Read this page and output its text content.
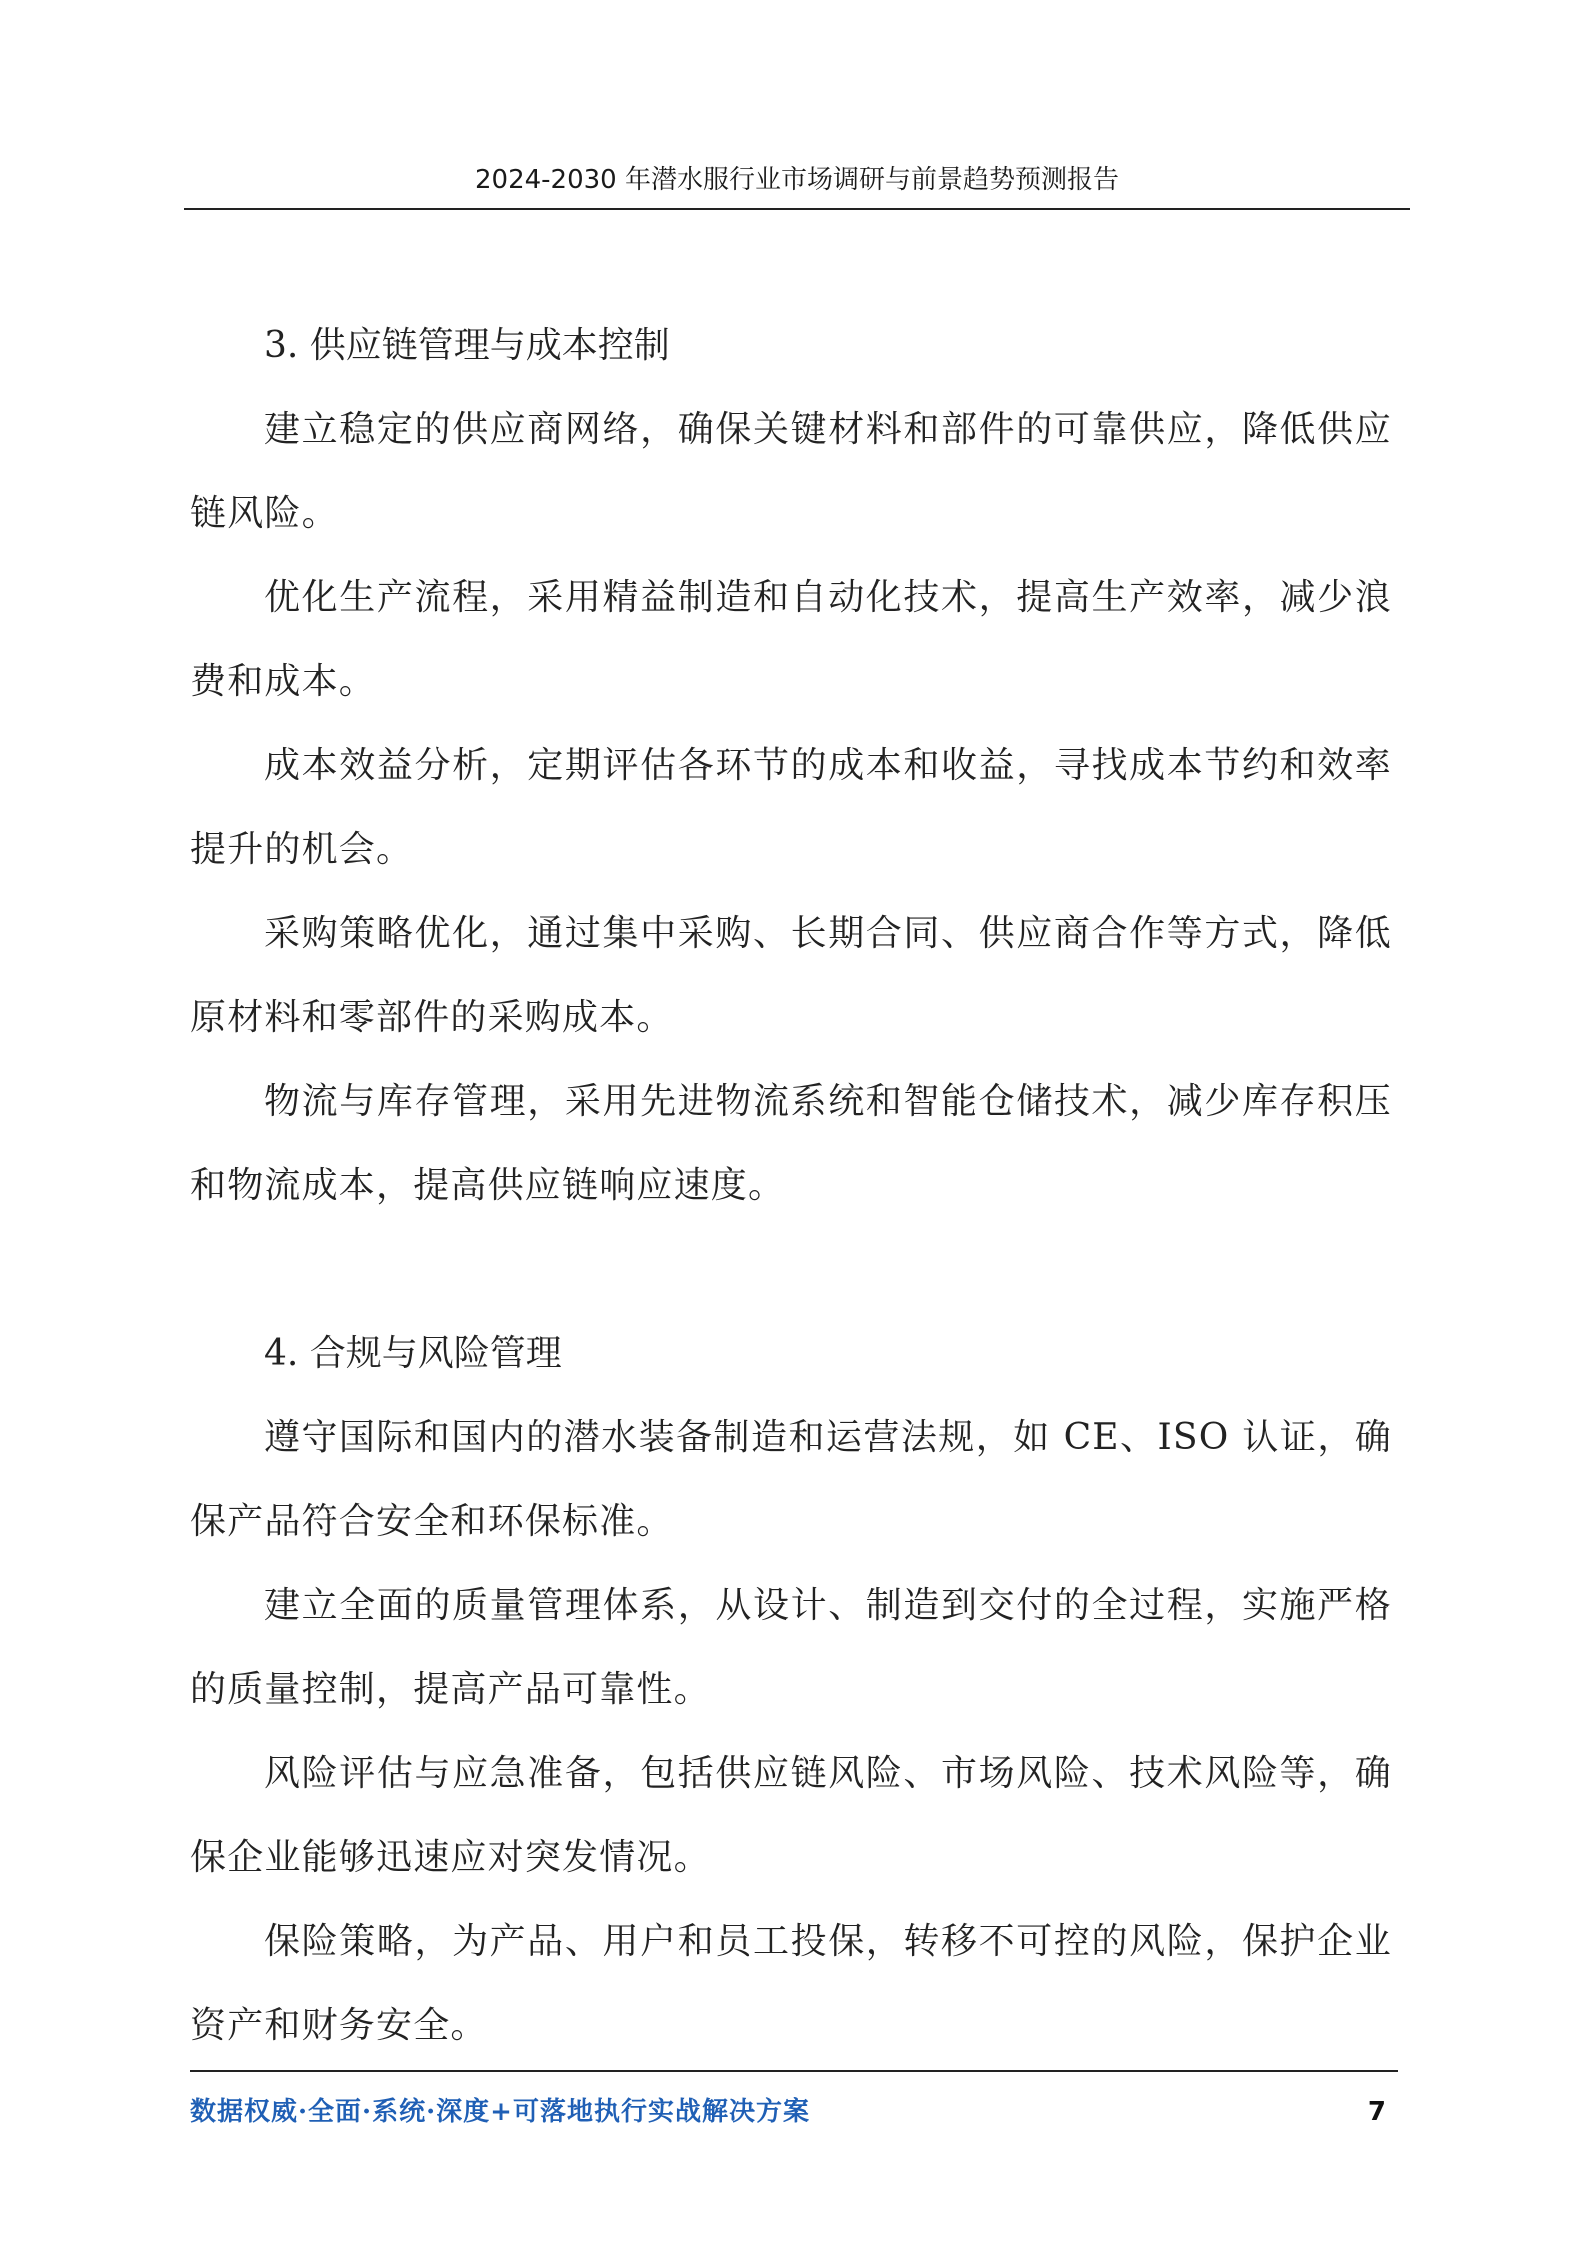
2024-2030 年潜水服行业市场调研与前景趋势预测报告
3. 供应链管理与成本控制

建立稳定的供应商网络，确保关键材料和部件的可靠供应，降低供应链风险。

优化生产流程，采用精益制造和自动化技术，提高生产效率，减少浪费和成本。

成本效益分析，定期评估各环节的成本和收益，寻找成本节约和效率提升的机会。

采购策略优化，通过集中采购、长期合同、供应商合作等方式，降低原材料和零部件的采购成本。

物流与库存管理，采用先进物流系统和智能仓储技术，减少库存积压和物流成本，提高供应链响应速度。

4. 合规与风险管理

遵守国际和国内的潜水装备制造和运营法规，如 CE、ISO 认证，确保产品符合安全和环保标准。

建立全面的质量管理体系，从设计、制造到交付的全过程，实施严格的质量控制，提高产品可靠性。

风险评估与应急准备，包括供应链风险、市场风险、技术风险等，确保企业能够迅速应对突发情况。

保险策略，为产品、用户和员工投保，转移不可控的风险，保护企业资产和财务安全。

数据权威·全面·系统·深度+可落地执行实战解决方案	7
